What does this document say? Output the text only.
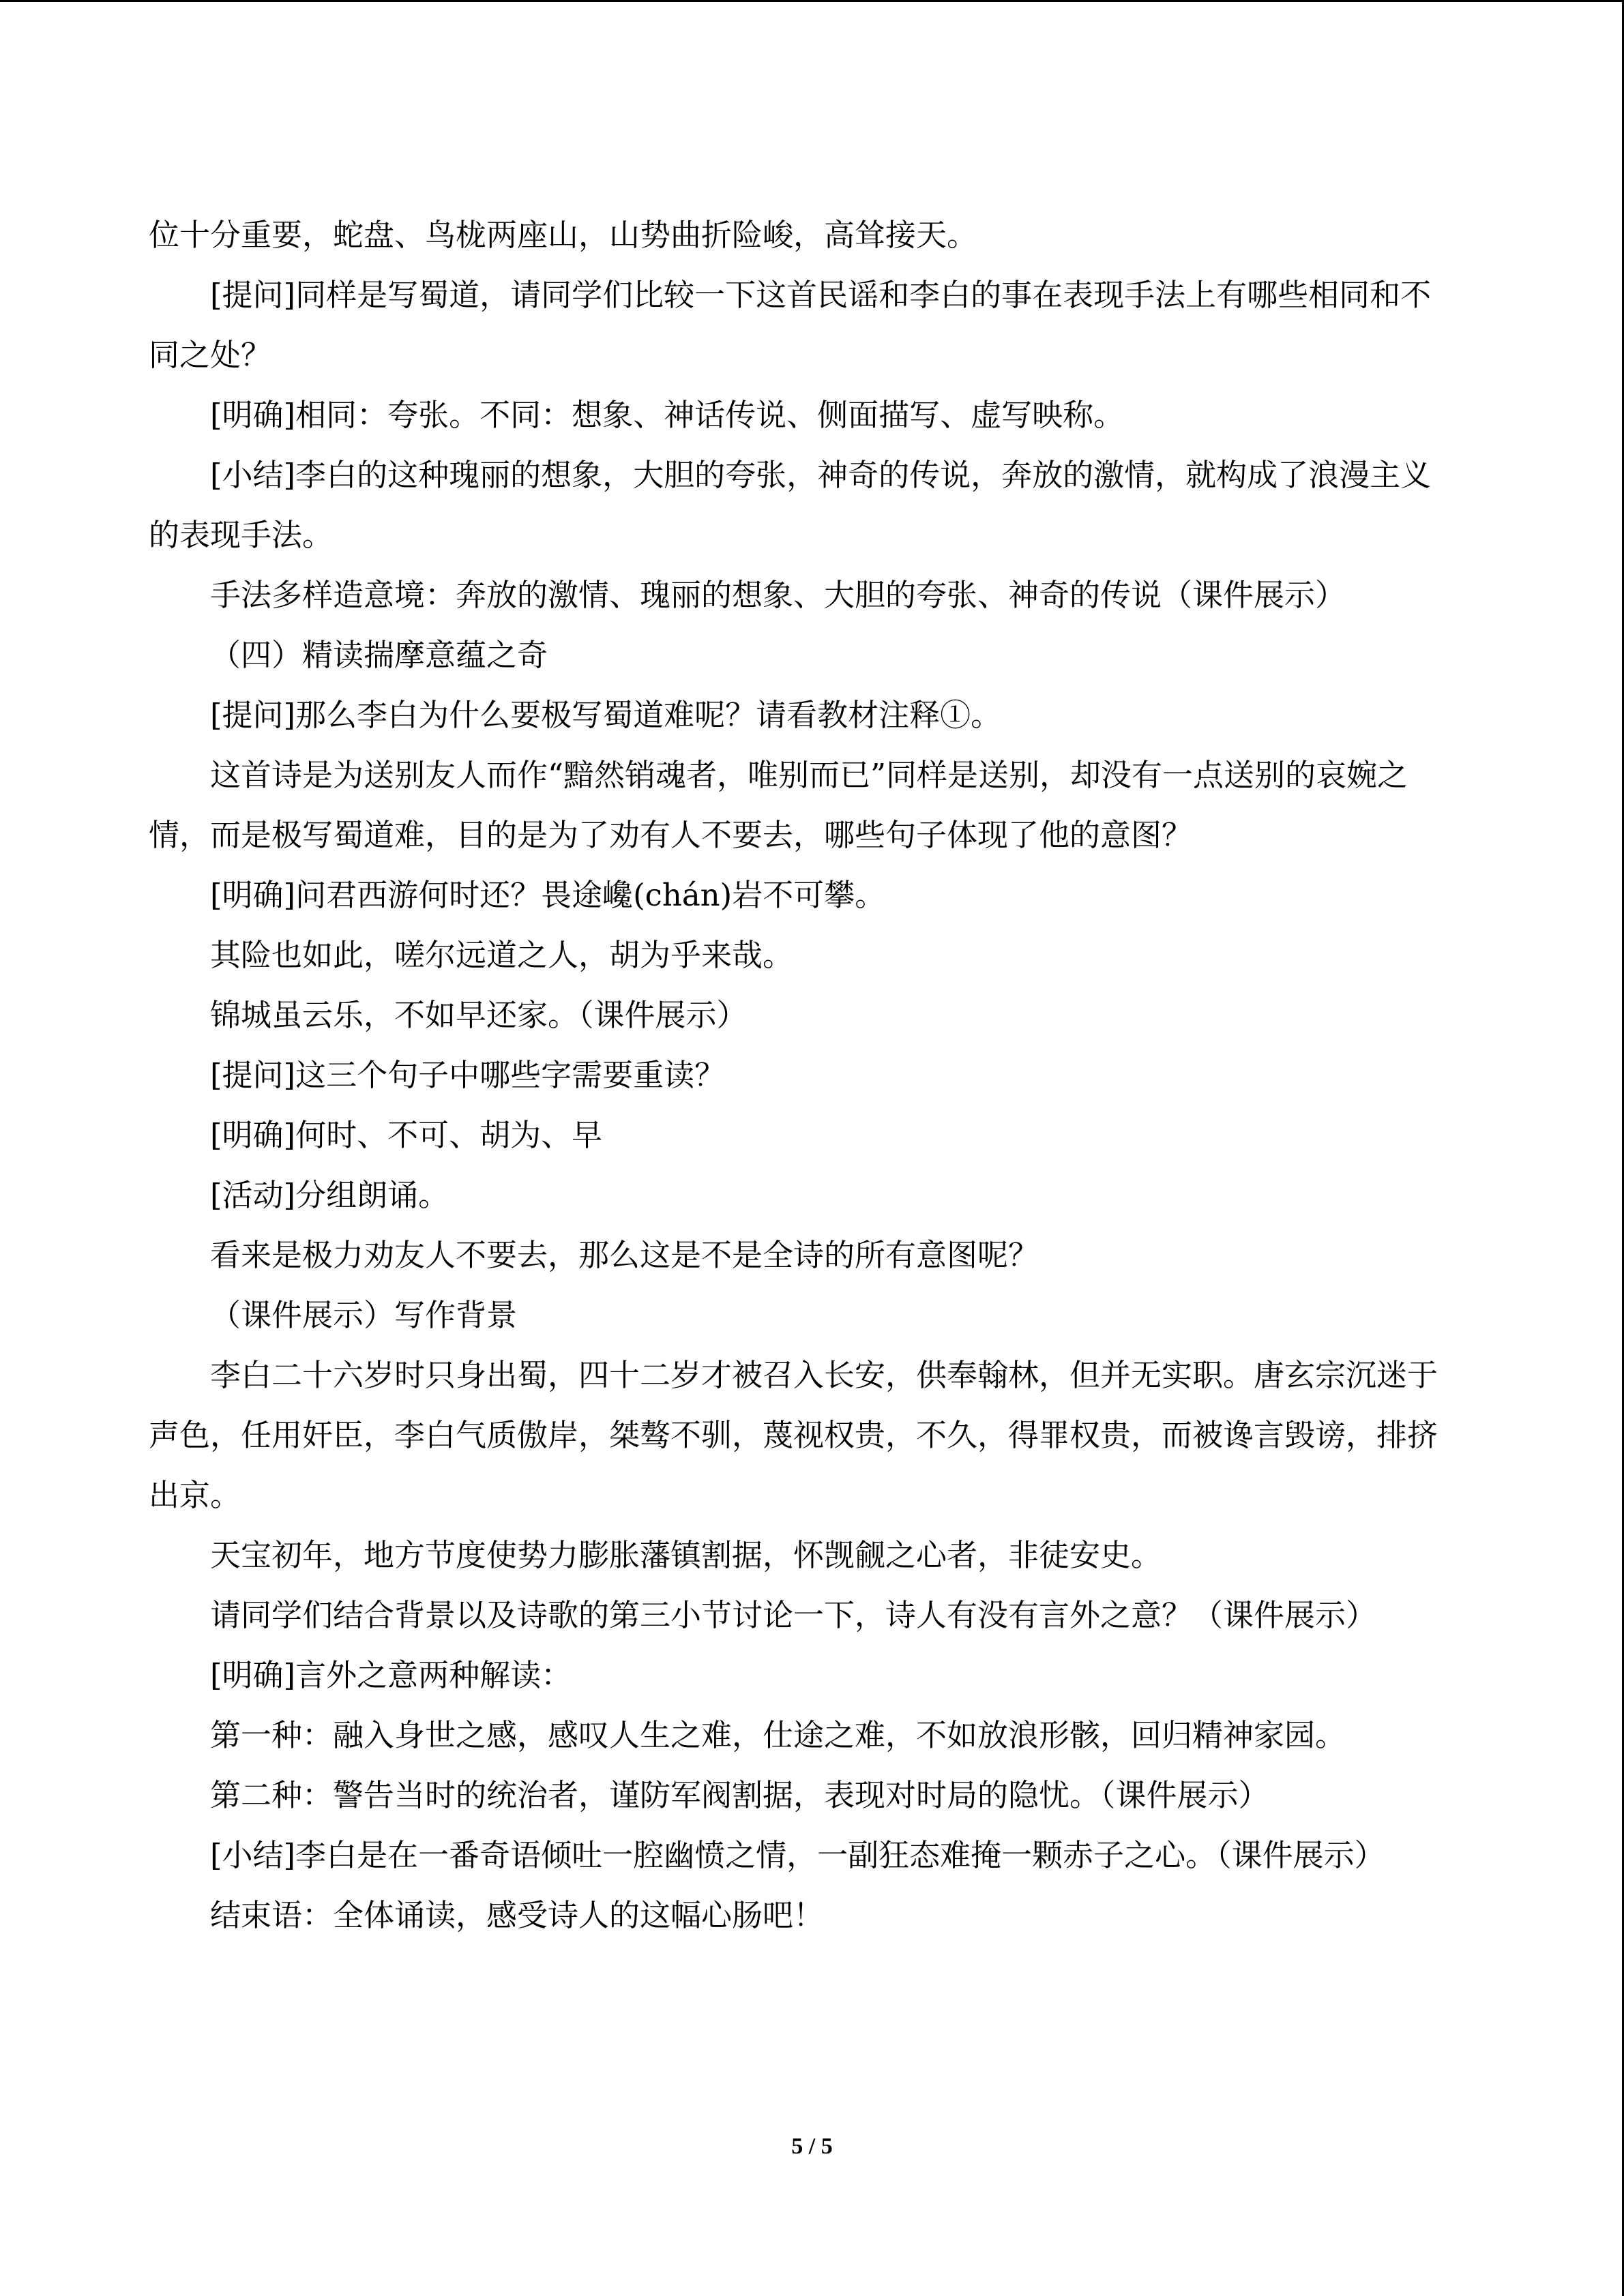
位十分重要，蛇盘、鸟栊两座山，山势曲折险峻，高耸接天。

[提问]同样是写蜀道，请同学们比较一下这首民谣和李白的事在表现手法上有哪些相同和不同之处？

[明确]相同：夸张。不同：想象、神话传说、侧面描写、虚写映称。

[小结]李白的这种瑰丽的想象，大胆的夸张，神奇的传说，奔放的激情，就构成了浪漫主义的表现手法。

手法多样造意境：奔放的激情、瑰丽的想象、大胆的夸张、神奇的传说（课件展示）

（四）精读揣摩意蕴之奇

[提问]那么李白为什么要极写蜀道难呢？请看教材注释①。

这首诗是为送别友人而作“黯然销魂者，唯别而已”同样是送别，却没有一点送别的哀婉之情，而是极写蜀道难，目的是为了劝有人不要去，哪些句子体现了他的意图？

[明确]问君西游何时还？畏途巉(chán)岩不可攀。

其险也如此，嗟尔远道之人，胡为乎来哉。

锦城虽云乐，不如早还家。（课件展示）

[提问]这三个句子中哪些字需要重读？

[明确]何时、不可、胡为、早

[活动]分组朗诵。

看来是极力劝友人不要去，那么这是不是全诗的所有意图呢？

（课件展示）写作背景

李白二十六岁时只身出蜀，四十二岁才被召入长安，供奉翰林，但并无实职。唐玄宗沉迷于声色，任用奸臣，李白气质傲岸，桀骜不驯，蔑视权贵，不久，得罪权贵，而被谗言毁谤，排挤出京。

天宝初年，地方节度使势力膨胀藩镇割据，怀觊觎之心者，非徒安史。

请同学们结合背景以及诗歌的第三小节讨论一下，诗人有没有言外之意？（课件展示）

[明确]言外之意两种解读：

第一种：融入身世之感，感叹人生之难，仕途之难，不如放浪形骸，回归精神家园。

第二种：警告当时的统治者，谨防军阀割据，表现对时局的隐忧。（课件展示）

[小结]李白是在一番奇语倾吐一腔幽愤之情，一副狂态难掩一颗赤子之心。（课件展示）

结束语：全体诵读，感受诗人的这幅心肠吧！

5 / 5
